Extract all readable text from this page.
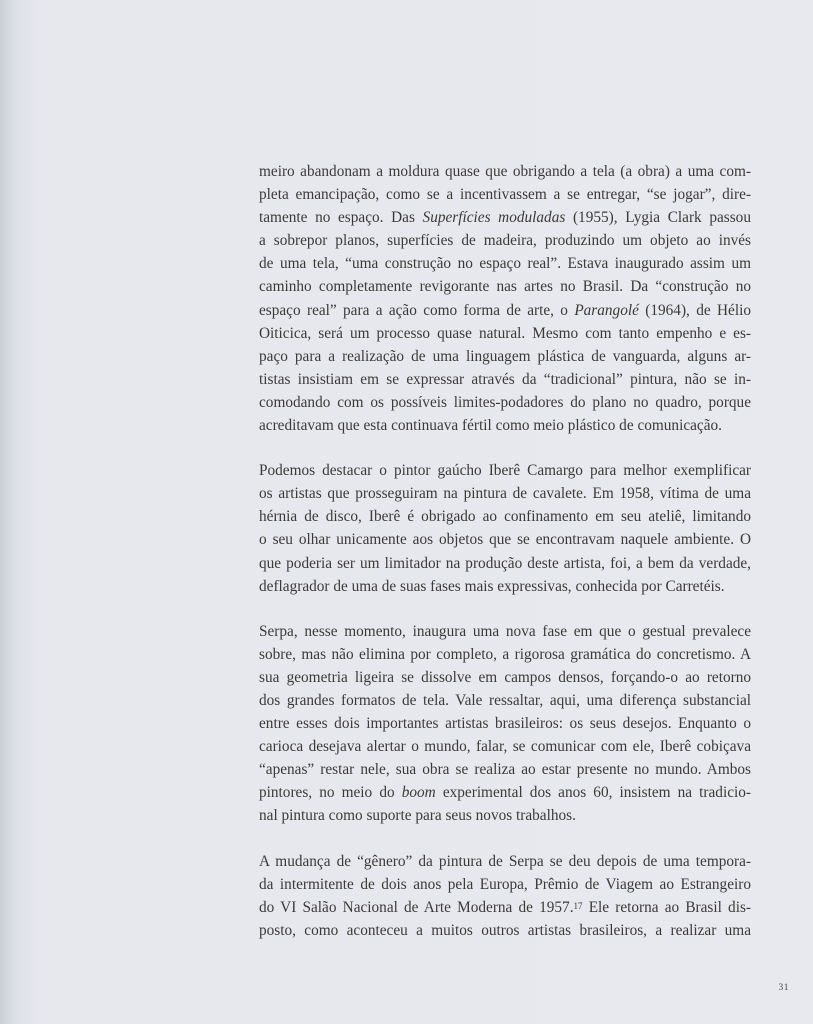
meiro abandonam a moldura quase que obrigando a tela (a obra) a uma com-
pleta emancipação, como se a incentivassem a se entregar, “se jogar”, dire-
tamente no espaço. Das Superfícies moduladas (1955), Lygia Clark passou
a sobrepor planos, superfícies de madeira, produzindo um objeto ao invés
de uma tela, “uma construção no espaço real”. Estava inaugurado assim um
caminho completamente revigorante nas artes no Brasil. Da “construção no
espaço real” para a ação como forma de arte, o Parangolé (1964), de Hélio
Oiticica, será um processo quase natural. Mesmo com tanto empenho e es-
paço para a realização de uma linguagem plástica de vanguarda, alguns ar-
tistas insistiam em se expressar através da “tradicional” pintura, não se in-
comodando com os possíveis limites-podadores do plano no quadro, porque
acreditavam que esta continuava fértil como meio plástico de comunicação.
Podemos destacar o pintor gaúcho Iberê Camargo para melhor exemplificar
os artistas que prosseguiram na pintura de cavalete. Em 1958, vítima de uma
hérnia de disco, Iberê é obrigado ao confinamento em seu ateliê, limitando
o seu olhar unicamente aos objetos que se encontravam naquele ambiente. O
que poderia ser um limitador na produção deste artista, foi, a bem da verdade,
deflagrador de uma de suas fases mais expressivas, conhecida por Carretéis.
Serpa, nesse momento, inaugura uma nova fase em que o gestual prevalece
sobre, mas não elimina por completo, a rigorosa gramática do concretismo. A
sua geometria ligeira se dissolve em campos densos, forçando-o ao retorno
dos grandes formatos de tela. Vale ressaltar, aqui, uma diferença substancial
entre esses dois importantes artistas brasileiros: os seus desejos. Enquanto o
carioca desejava alertar o mundo, falar, se comunicar com ele, Iberê cobiçava
“apenas” restar nele, sua obra se realiza ao estar presente no mundo. Ambos
pintores, no meio do boom experimental dos anos 60, insistem na tradicio-
nal pintura como suporte para seus novos trabalhos.
A mudança de “gênero” da pintura de Serpa se deu depois de uma tempora-
da intermitente de dois anos pela Europa, Prêmio de Viagem ao Estrangeiro
do VI Salão Nacional de Arte Moderna de 1957.17 Ele retorna ao Brasil dis-
posto, como aconteceu a muitos outros artistas brasileiros, a realizar uma
31
